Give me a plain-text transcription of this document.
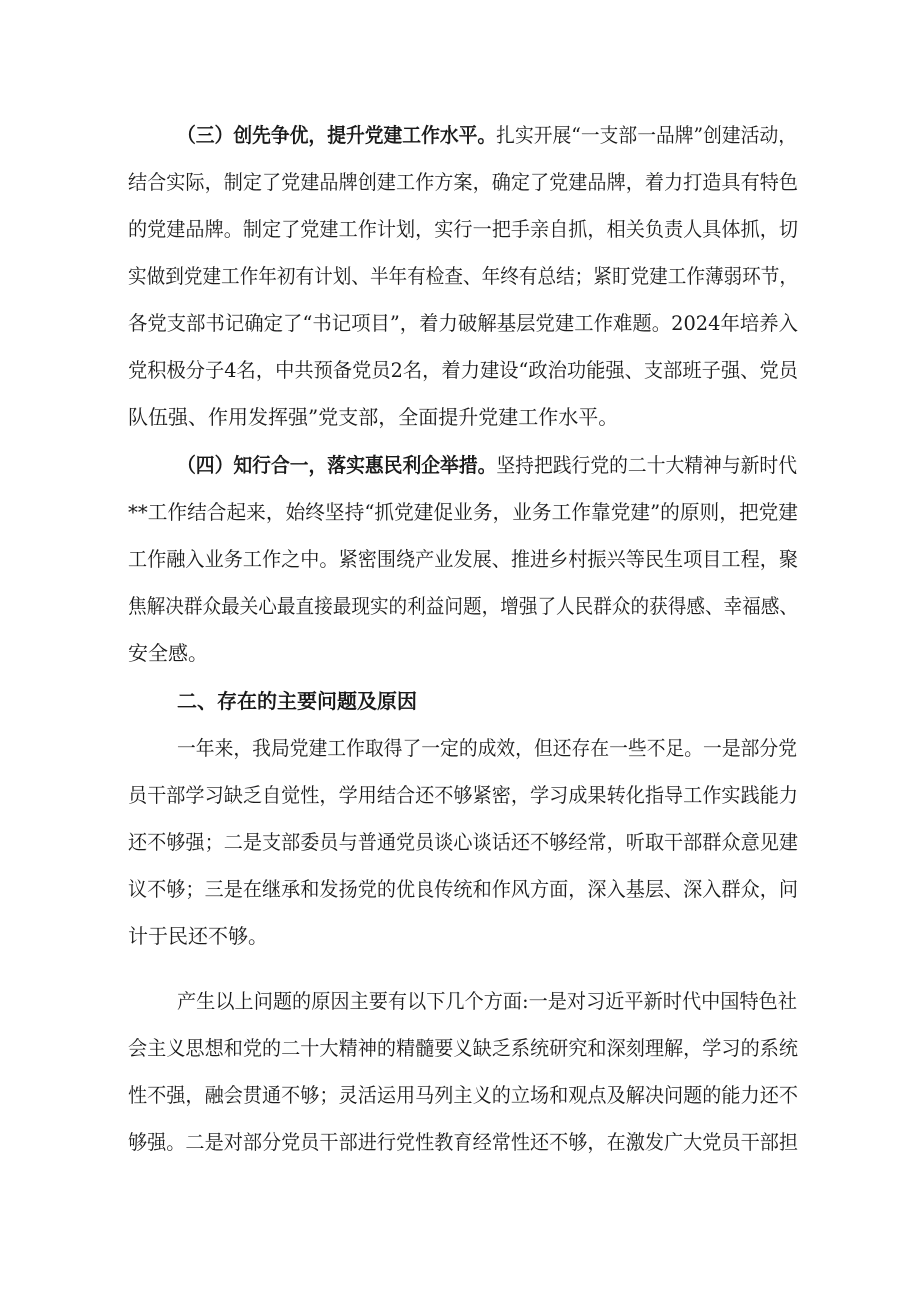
（三）创先争优，提升党建工作水平。扎实开展“一支部一品牌”创建活动，
结合实际，制定了党建品牌创建工作方案，确定了党建品牌，着力打造具有特色
的党建品牌。制定了党建工作计划，实行一把手亲自抓，相关负责人具体抓，切
实做到党建工作年初有计划、半年有检查、年终有总结；紧盯党建工作薄弱环节，
各党支部书记确定了“书记项目”，着力破解基层党建工作难题。2024年培养入
党积极分子4名，中共预备党员2名，着力建设“政治功能强、支部班子强、党员
队伍强、作用发挥强”党支部，全面提升党建工作水平。
（四）知行合一，落实惠民利企举措。坚持把践行党的二十大精神与新时代
**工作结合起来，始终坚持“抓党建促业务，业务工作靠党建”的原则，把党建
工作融入业务工作之中。紧密围绕产业发展、推进乡村振兴等民生项目工程，聚
焦解决群众最关心最直接最现实的利益问题，增强了人民群众的获得感、幸福感、
安全感。
二、存在的主要问题及原因
一年来，我局党建工作取得了一定的成效，但还存在一些不足。一是部分党
员干部学习缺乏自觉性，学用结合还不够紧密，学习成果转化指导工作实践能力
还不够强；二是支部委员与普通党员谈心谈话还不够经常，听取干部群众意见建
议不够；三是在继承和发扬党的优良传统和作风方面，深入基层、深入群众，问
计于民还不够。
产生以上问题的原因主要有以下几个方面:一是对习近平新时代中国特色社
会主义思想和党的二十大精神的精髓要义缺乏系统研究和深刻理解，学习的系统
性不强，融会贯通不够；灵活运用马列主义的立场和观点及解决问题的能力还不
够强。二是对部分党员干部进行党性教育经常性还不够，在激发广大党员干部担
